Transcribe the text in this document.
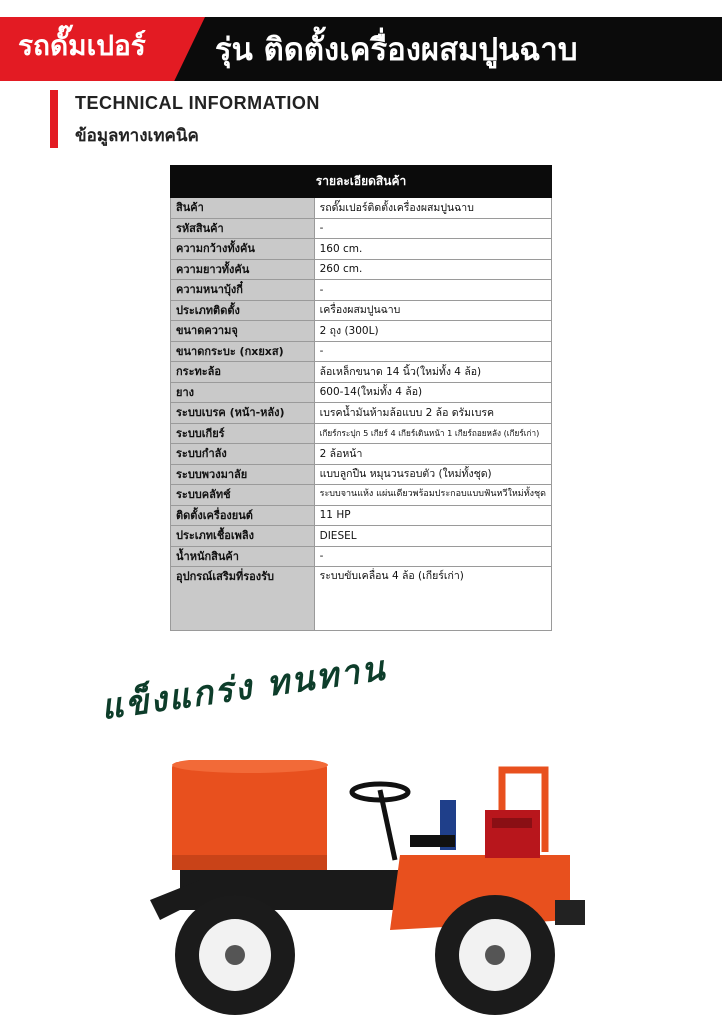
รถดั๊มเปอร์ รุ่น ติดตั้งเครื่องผสมปูนฉาบ
TECHNICAL INFORMATION
ข้อมูลทางเทคนิค
รายละเอียดสินค้า	
สินค้า	รถดั๊มเปอร์ติดตั้งเครื่องผสมปูนฉาบ
รหัสสินค้า	-
ความกว้างทั้งคัน	160 cm.
ความยาวทั้งคัน	260 cm.
ความหนาบุ้งกี๋	-
ประเภทติดตั้ง	เครื่องผสมปูนฉาบ
ขนาดความจุ	2 ถุง (300L)
ขนาดกระบะ (กxยxส)	-
กระทะล้อ	ล้อเหล็กขนาด 14 นิ้ว(ใหม่ทั้ง 4 ล้อ)
ยาง	600-14(ใหม่ทั้ง 4 ล้อ)
ระบบเบรค (หน้า-หลัง)	เบรคน้ำมันห้ามล้อแบบ 2 ล้อ ดรัมเบรค
ระบบเกียร์	เกียร์กระปุก 5 เกียร์ 4 เกียร์เดินหน้า 1 เกียร์ถอยหลัง (เกียร์เก่า)
ระบบกำลัง	2 ล้อหน้า
ระบบพวงมาลัย	แบบลูกปืน หมุนวนรอบตัว (ใหม่ทั้งชุด)
ระบบคลัทช์	ระบบจานแห้ง แผ่นเดียวพร้อมประกอบแบบฟันหวีใหม่ทั้งชุด
ติดตั้งเครื่องยนต์	11 HP
ประเภทเชื้อเพลิง	DIESEL
น้ำหนักสินค้า	-
อุปกรณ์เสริมที่รองรับ	ระบบขับเคลื่อน 4 ล้อ (เกียร์เก่า)
แข็งแกร่ง ทนทาน
